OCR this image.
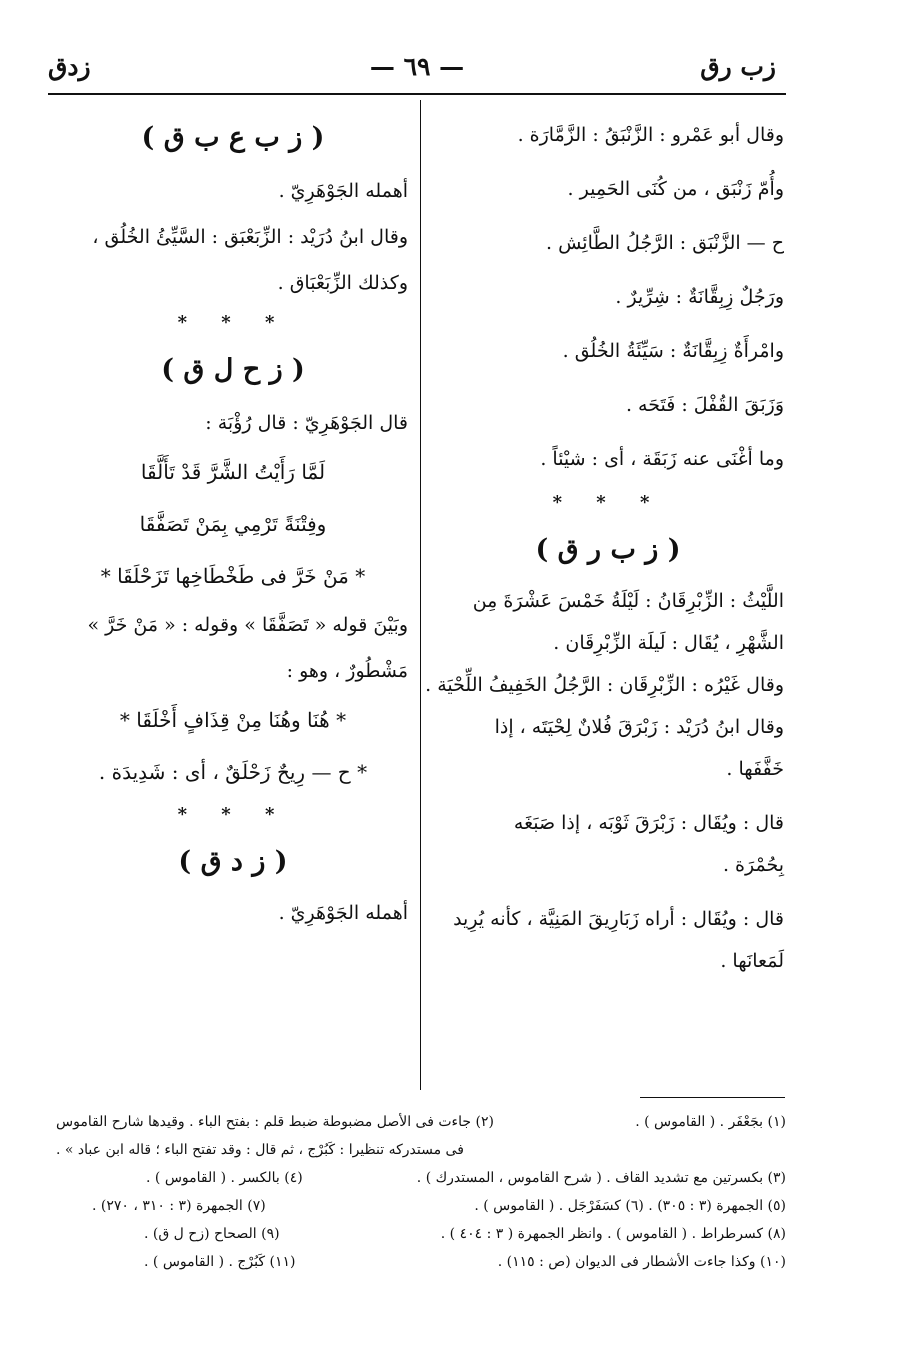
زب رق
— ٦٩ —
زدق
وقال أبو عَمْرو : الزَّنْبَقُ : الزَّمَّارَة .
وأُمّ زَنْبَق ، من كُنَى الحَمِير .
ح — الزَّنْبَق : الرَّجُلُ الطَّائِش .
ورَجُلٌ زِبِقَّانَةٌ : شِرِّيرٌ .
وامْرأَةٌ زِبِقَّانَةٌ : سَيِّئَةُ الخُلُق .
وَزَبَقَ القُفْلَ : فَتَحَه .
وما أغْنَى عنه زَبَقَة ، أى : شيْئاً .
* * *
( ز ب ر ق )
اللَّيْثُ : الزِّبْرِقَانُ : لَيْلَةُ خَمْسَ عَشْرَةَ مِن
الشَّهْرِ ، يُقَال : لَيلَة الزِّبْرِقَان .
وقال غَيْرُه : الزِّبْرِقَان : الرَّجُلُ الخَفِيفُ اللِّحْيَة .
وقال ابنُ دُرَيْد : زَبْرَقَ فُلانٌ لِحْيَتَه ، إذا
خَفَّفَها .
قال : ويُقَال : زَبْرَقَ ثَوْبَه ، إذا صَبَغَه
بِحُمْرَة .
قال : ويُقَال : أراه زَبَارِيقَ المَنِيَّة ، كأنه يُرِيد
لَمَعانَها .
( ز ب ع ب ق )
أهمله الجَوْهَرِيّ .
وقال ابنُ دُرَيْد : الزِّبَعْبَق : السَّيِّئُ الخُلُق ،
وكذلك الزِّبَعْبَاق .
* * *
( ز ح ل ق )
قال الجَوْهَرِيّ : قال رُؤْبَة :
لَمَّا رَأَيْتُ الشَّرَّ قَدْ تَأَلَّقَا
وفِتْنَةً تَرْمِي بِمَنْ تَصَفَّقَا
* مَنْ خَرَّ فى طَخْطَاخِها تَزَحْلَقَا *
وبَيْنَ قوله « تَصَفَّقَا » وقوله : « مَنْ خَرَّ »
مَشْطُورٌ ، وهو :
* هُنَا وهُنَا مِنْ قِذَافٍ أَخْلَقَا *
* ح — رِيحٌ زَحْلَقٌ ، أى : شَدِيدَة .
* * *
( ز د ق )
أهمله الجَوْهَرِيّ .
(١) بجَعْفَر . ( القاموس ) .
(٢) جاءت فى الأصل مضبوطة ضبط قلم : بفتح الباء . وقيدها شارح القاموس
فى مستدركه تنظيرا : كَبُرْج ، ثم قال : وقد تفتح الباء ؛ قاله ابن عباد » .
(٣) بكسرتين مع تشديد القاف . ( شرح القاموس ، المستدرك ) .
(٤) بالكسر . ( القاموس ) .
(٥) الجمهرة (٣ : ٣٠٥) . (٦) كسَفَرْجَل . ( القاموس ) .
(٧) الجمهرة (٣ : ٣١٠ ، ٢٧٠) .
(٨) كسرطراط . ( القاموس ) . وانظر الجمهرة ( ٣ : ٤٠٤ ) .
(٩) الصحاح (زح ل ق) .
(١٠) وكذا جاءت الأشطار فى الديوان (ص : ١١٥) .
(١١) كَبُرْج . ( القاموس ) .
